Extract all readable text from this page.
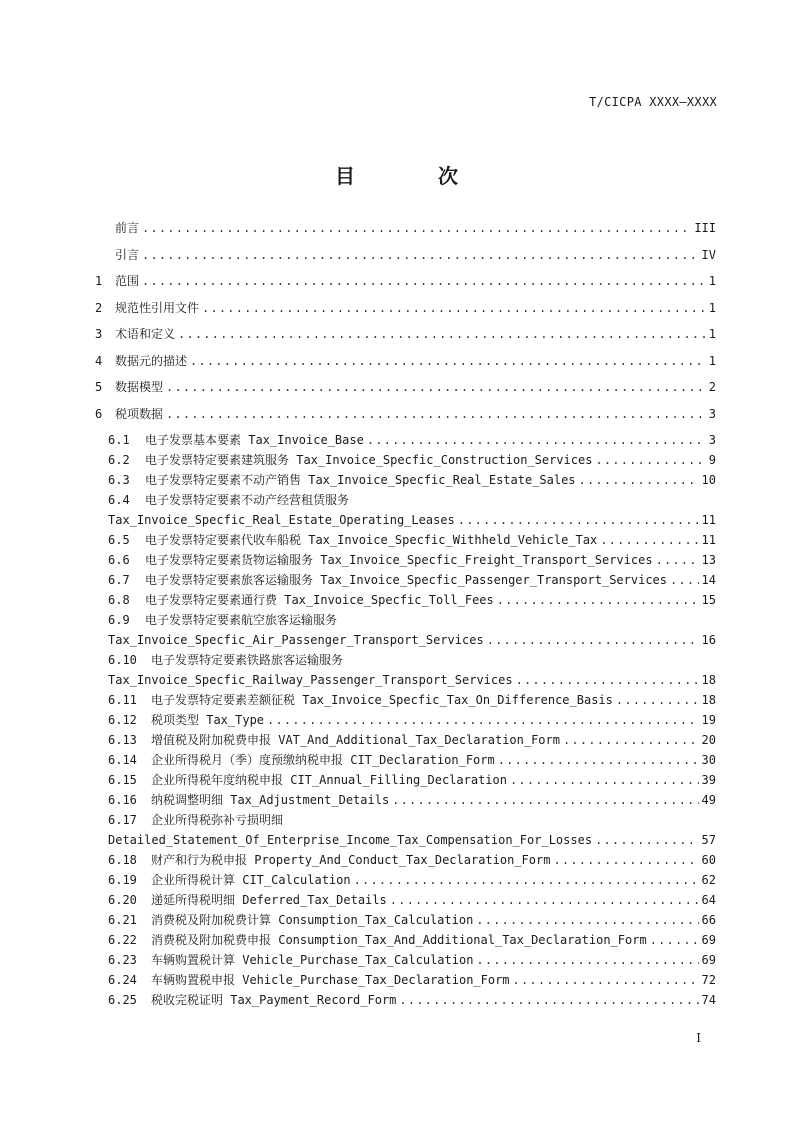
T/CICPA XXXX—XXXX
目 次
前言 .....	III
引言 .....	IV
1	范围 .....	1
2	规范性引用文件 .....	1
3	术语和定义 .....	1
4	数据元的描述 .....	1
5	数据模型 .....	2
6	税项数据 .....	3
6.1	电子发票基本要素 Tax_Invoice_Base .....	3
6.2	电子发票特定要素建筑服务 Tax_Invoice_Specfic_Construction_Services .....	9
6.3	电子发票特定要素不动产销售 Tax_Invoice_Specfic_Real_Estate_Sales .....	10
6.4	电子发票特定要素不动产经营租赁服务
Tax_Invoice_Specfic_Real_Estate_Operating_Leases .....	11
6.5	电子发票特定要素代收车船税 Tax_Invoice_Specfic_Withheld_Vehicle_Tax .....	11
6.6	电子发票特定要素货物运输服务 Tax_Invoice_Specfic_Freight_Transport_Services .....	13
6.7	电子发票特定要素旅客运输服务 Tax_Invoice_Specfic_Passenger_Transport_Services .....	14
6.8	电子发票特定要素通行费 Tax_Invoice_Specfic_Toll_Fees .....	15
6.9	电子发票特定要素航空旅客运输服务
Tax_Invoice_Specfic_Air_Passenger_Transport_Services .....	16
6.10	电子发票特定要素铁路旅客运输服务
Tax_Invoice_Specfic_Railway_Passenger_Transport_Services .....	18
6.11	电子发票特定要素差额征税 Tax_Invoice_Specfic_Tax_On_Difference_Basis .....	18
6.12	税项类型 Tax_Type .....	19
6.13	增值税及附加税费申报 VAT_And_Additional_Tax_Declaration_Form .....	20
6.14	企业所得税月（季）度预缴纳税申报 CIT_Declaration_Form .....	30
6.15	企业所得税年度纳税申报 CIT_Annual_Filling_Declaration .....	39
6.16	纳税调整明细 Tax_Adjustment_Details .....	49
6.17	企业所得税弥补亏损明细
Detailed_Statement_Of_Enterprise_Income_Tax_Compensation_For_Losses .....	57
6.18	财产和行为税申报 Property_And_Conduct_Tax_Declaration_Form .....	60
6.19	企业所得税计算 CIT_Calculation .....	62
6.20	递延所得税明细 Deferred_Tax_Details .....	64
6.21	消费税及附加税费计算 Consumption_Tax_Calculation .....	66
6.22	消费税及附加税费申报 Consumption_Tax_And_Additional_Tax_Declaration_Form .....	69
6.23	车辆购置税计算 Vehicle_Purchase_Tax_Calculation .....	69
6.24	车辆购置税申报 Vehicle_Purchase_Tax_Declaration_Form .....	72
6.25	税收完税证明 Tax_Payment_Record_Form .....	74
I
